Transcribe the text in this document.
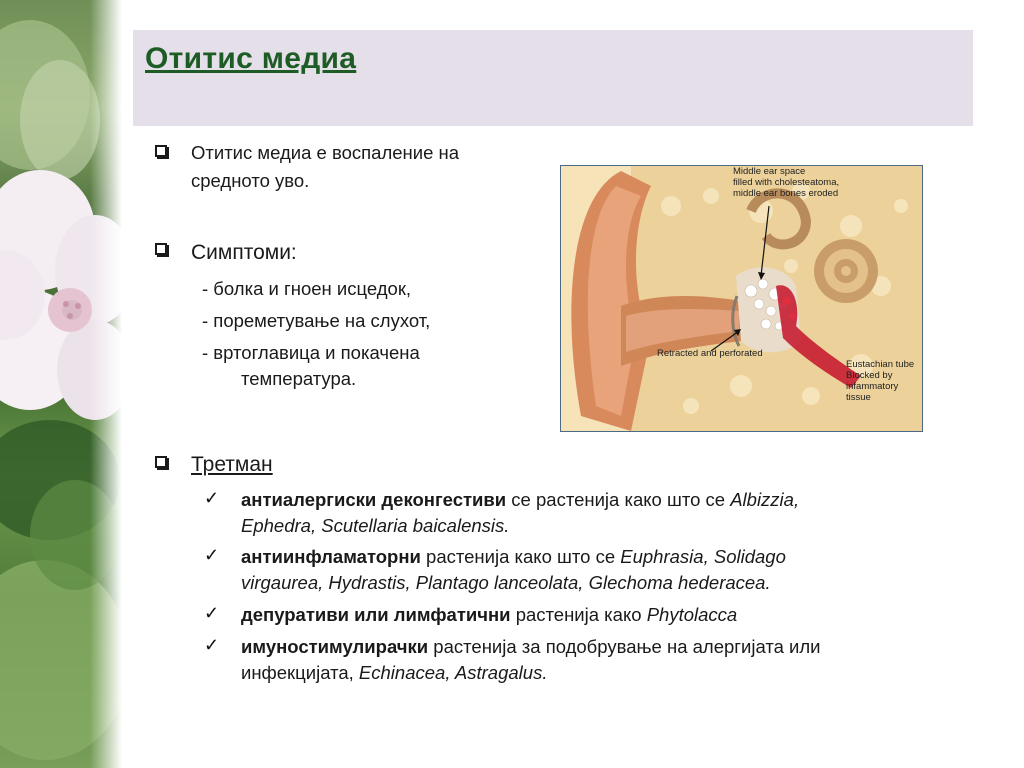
Отитис медиа
Отитис медиа е воспаление на
средното уво.
Симптоми:
- болка и гноен исцедок,
- пореметување на слухот,
- вртоглавица и покачена
температура.
Третман
✓ антиалергиски деконгестиви се растенија како што се Albizzia,
Ephedra, Scutellaria baicalensis.
✓ антиинфламаторни растенија како што се Euphrasia, Solidago
virgaurea, Hydrastis, Plantago lanceolata, Glechoma hederacea.
✓ депуративи или лимфатични растенија како Phytolacca
✓ имуностимулирачки растенија за подобрување на алергијата или
инфекцијата, Echinacea, Astragalus.
Middle ear space
filled with cholesteatoma,
middle ear bones eroded
Retracted and perforated
Eustachian tube
Blocked by
infammatory
tissue
